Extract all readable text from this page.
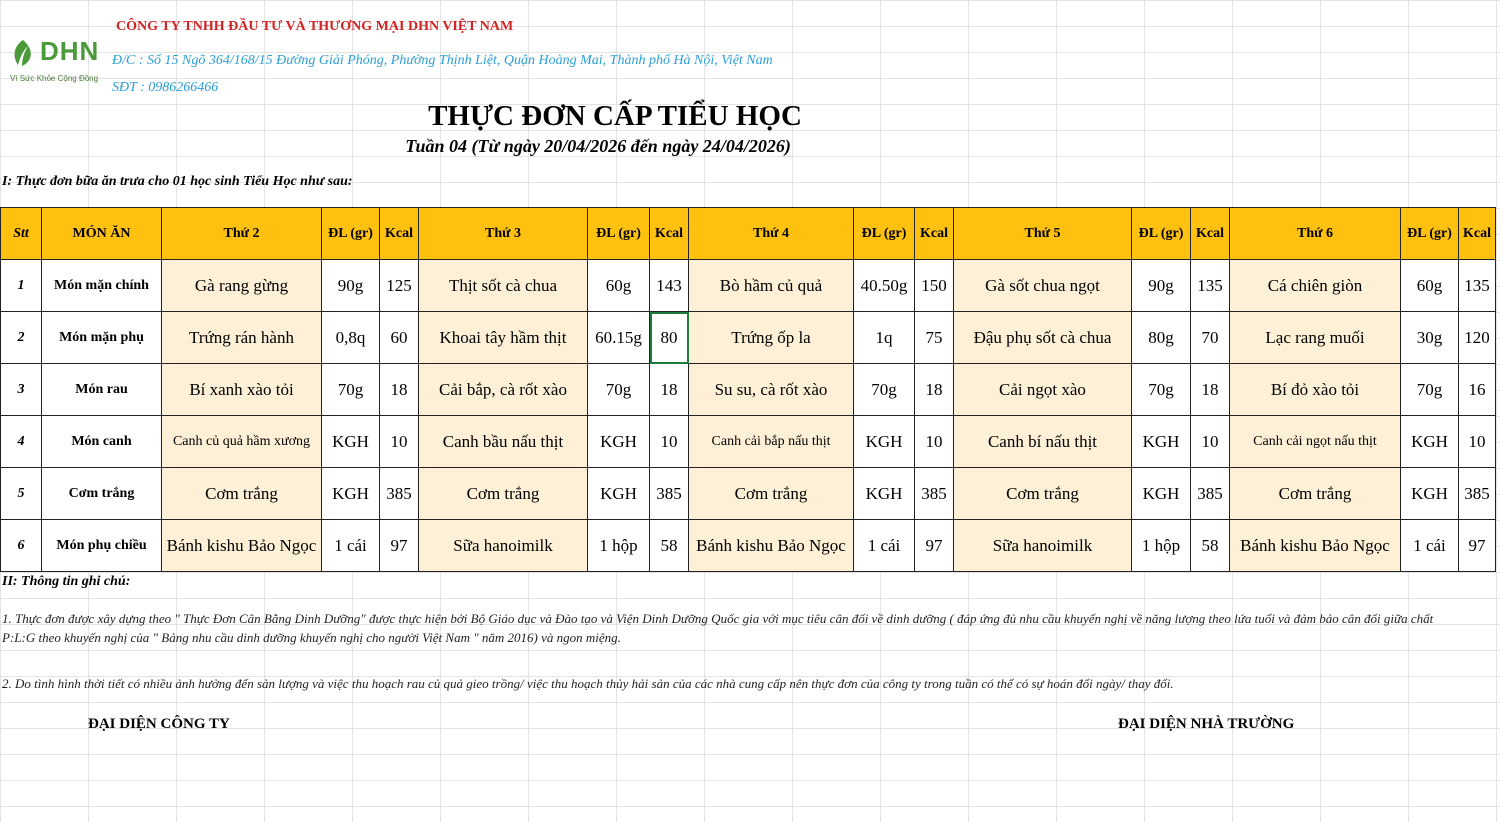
DHN
Vì Sức Khỏe Cộng Đồng
CÔNG TY TNHH ĐẦU TƯ VÀ THƯƠNG MẠI DHN VIỆT NAM
Đ/C : Số 15 Ngõ 364/168/15 Đường Giải Phóng, Phường Thịnh Liệt, Quận Hoàng Mai, Thành phố Hà Nội, Việt Nam
SĐT : 0986266466
THỰC ĐƠN CẤP TIỂU HỌC
Tuần 04 (Từ ngày 20/04/2026 đến ngày 24/04/2026)
I: Thực đơn bữa ăn trưa cho 01 học sinh Tiểu Học như sau:
Stt	MÓN ĂN	Thứ 2	ĐL (gr)	Kcal	Thứ 3	ĐL (gr)	Kcal	Thứ 4	ĐL (gr)	Kcal	Thứ 5	ĐL (gr)	Kcal	Thứ 6	ĐL (gr)	Kcal
1	Món mặn chính	Gà rang gừng	90g	125	Thịt sốt cà chua	60g	143	Bò hầm củ quả	40.50g	150	Gà sốt chua ngọt	90g	135	Cá chiên giòn	60g	135
2	Món mặn phụ	Trứng rán hành	0,8q	60	Khoai tây hầm thịt	60.15g	80	Trứng ốp la	1q	75	Đậu phụ sốt cà chua	80g	70	Lạc rang muối	30g	120
3	Món rau	Bí xanh xào tỏi	70g	18	Cải bắp, cà rốt xào	70g	18	Su su, cà rốt xào	70g	18	Cải ngọt xào	70g	18	Bí đỏ xào tỏi	70g	16
4	Món canh	Canh củ quả hầm xương	KGH	10	Canh bầu nấu thịt	KGH	10	Canh cải bắp nấu thịt	KGH	10	Canh bí nấu thịt	KGH	10	Canh cải ngọt nấu thịt	KGH	10
5	Cơm trắng	Cơm trắng	KGH	385	Cơm trắng	KGH	385	Cơm trắng	KGH	385	Cơm trắng	KGH	385	Cơm trắng	KGH	385
6	Món phụ chiều	Bánh kishu Bảo Ngọc	1 cái	97	Sữa hanoimilk	1 hộp	58	Bánh kishu Bảo Ngọc	1 cái	97	Sữa hanoimilk	1 hộp	58	Bánh kishu Bảo Ngọc	1 cái	97
II: Thông tin ghi chú:
1. Thực đơn được xây dựng theo " Thực Đơn Cân Bằng Dinh Dưỡng" được thực hiện bởi Bộ Giáo dục và Đào tạo và Viện Dinh Dưỡng Quốc gia với mục tiêu cân đối về dinh dưỡng ( đáp ứng đủ nhu cầu khuyến nghị về năng lượng theo lứa tuổi và đảm bảo cân đối giữa chất P:L:G theo khuyến nghị của " Bảng nhu cầu dinh dưỡng khuyến nghị cho người Việt Nam " năm 2016) và ngon miệng.
2. Do tình hình thời tiết có nhiều ảnh hưởng đến sản lượng và việc thu hoạch rau củ quả gieo trồng/ việc thu hoạch thủy hải sản của các nhà cung cấp nên thực đơn của công ty trong tuần có thể có sự hoán đổi ngày/ thay đổi.
ĐẠI DIỆN CÔNG TY	ĐẠI DIỆN NHÀ TRƯỜNG
